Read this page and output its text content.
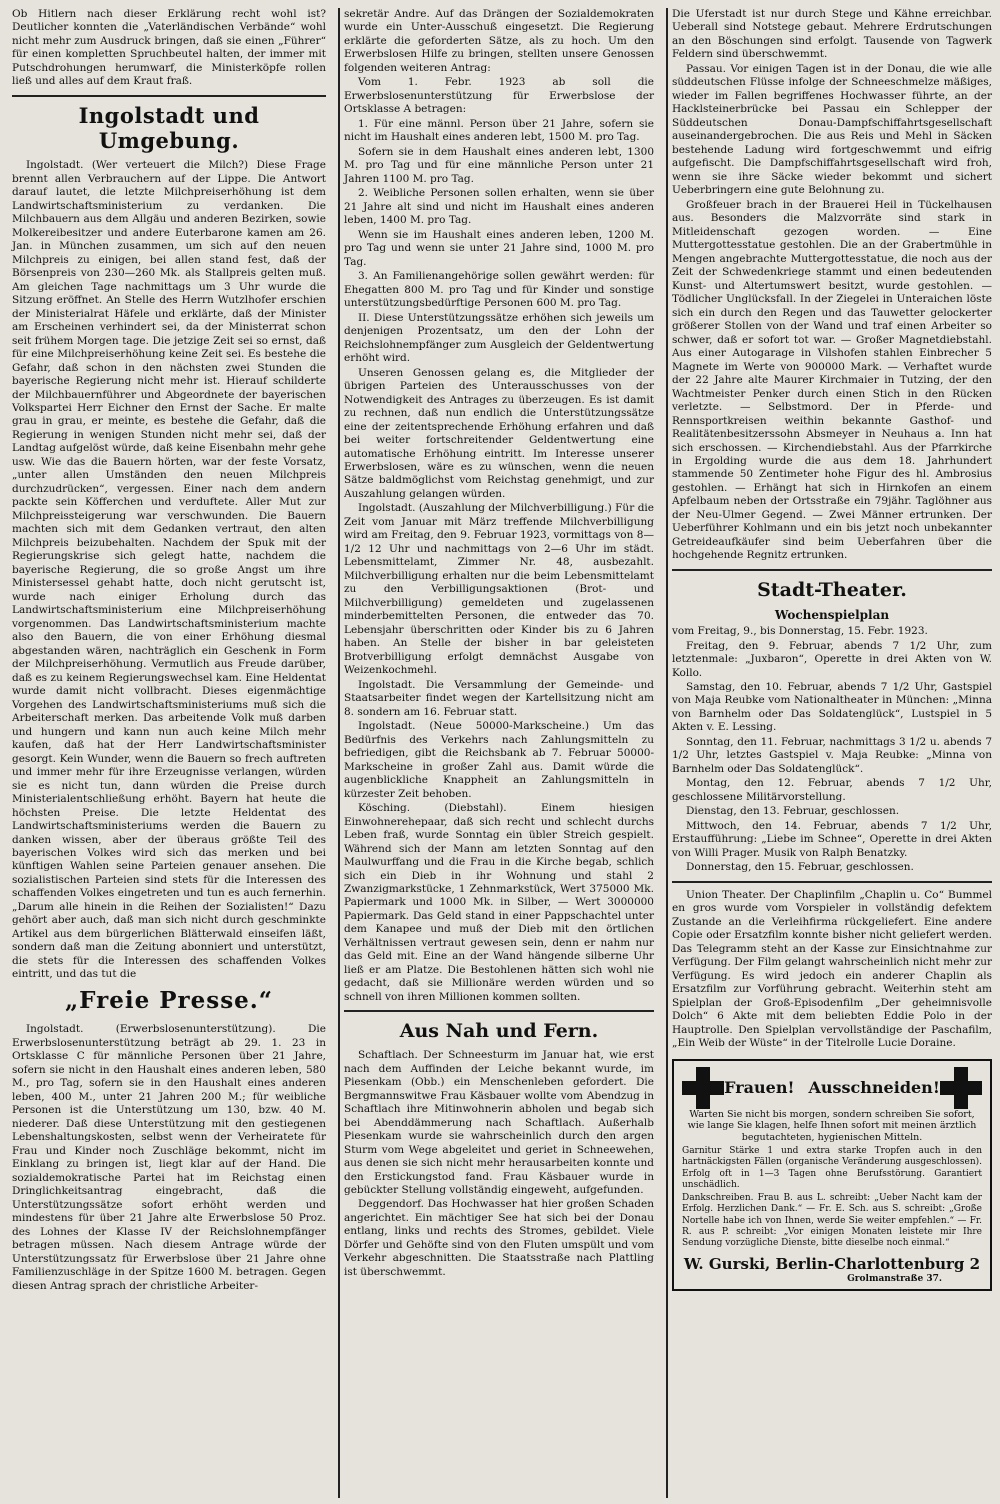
Ob Hitlern nach dieser Erklärung recht wohl ist? Deutlicher konnten die „Vaterländischen Verbände“ wohl nicht mehr zum Ausdruck bringen, daß sie einen „Führer“ für einen kompletten Spruchbeutel halten, der immer mit Putschdrohungen herumwarf, die Ministerköpfe rollen ließ und alles auf dem Kraut fraß.

Ingolstadt und Umgebung.

Ingolstadt. (Wer verteuert die Milch?) Diese Frage brennt allen Verbrauchern auf der Lippe. Die Antwort darauf lautet, die letzte Milchpreiserhöhung ist dem Landwirtschaftsministerium zu verdanken. Die Milchbauern aus dem Allgäu und anderen Bezirken, sowie Molkereibesitzer und andere Euterbarone kamen am 26. Jan. in München zusammen, um sich auf den neuen Milchpreis zu einigen, bei allen stand fest, daß der Börsenpreis von 230—260 Mk. als Stallpreis gelten muß. Am gleichen Tage nachmittags um 3 Uhr wurde die Sitzung eröffnet. An Stelle des Herrn Wutzlhofer erschien der Ministerialrat Häfele und erklärte, daß der Minister am Erscheinen verhindert sei, da der Ministerrat schon seit frühem Morgen tage. Die jetzige Zeit sei so ernst, daß für eine Milchpreiserhöhung keine Zeit sei. Es bestehe die Gefahr, daß schon in den nächsten zwei Stunden die bayerische Regierung nicht mehr ist. Hierauf schilderte der Milchbauernführer und Abgeordnete der bayerischen Volkspartei Herr Eichner den Ernst der Sache. Er malte grau in grau, er meinte, es bestehe die Gefahr, daß die Regierung in wenigen Stunden nicht mehr sei, daß der Landtag aufgelöst würde, daß keine Eisenbahn mehr gehe usw. Wie das die Bauern hörten, war der feste Vorsatz, „unter allen Umständen den neuen Milchpreis durchzudrücken“, vergessen. Einer nach dem andern packte sein Köfferchen und verduftete. Aller Mut zur Milchpreissteigerung war verschwunden. Die Bauern machten sich mit dem Gedanken vertraut, den alten Milchpreis beizubehalten. Nachdem der Spuk mit der Regierungskrise sich gelegt hatte, nachdem die bayerische Regierung, die so große Angst um ihre Ministersessel gehabt hatte, doch nicht gerutscht ist, wurde nach einiger Erholung durch das Landwirtschaftsministerium eine Milchpreiserhöhung vorgenommen. Das Landwirtschaftsministerium machte also den Bauern, die von einer Erhöhung diesmal abgestanden wären, nachträglich ein Geschenk in Form der Milchpreiserhöhung. Vermutlich aus Freude darüber, daß es zu keinem Regierungswechsel kam. Eine Heldentat wurde damit nicht vollbracht. Dieses eigenmächtige Vorgehen des Landwirtschaftsministeriums muß sich die Arbeiterschaft merken. Das arbeitende Volk muß darben und hungern und kann nun auch keine Milch mehr kaufen, daß hat der Herr Landwirtschaftsminister gesorgt. Kein Wunder, wenn die Bauern so frech auftreten und immer mehr für ihre Erzeugnisse verlangen, würden sie es nicht tun, dann würden die Preise durch Ministerialentschließung erhöht. Bayern hat heute die höchsten Preise. Die letzte Heldentat des Landwirtschaftsministeriums werden die Bauern zu danken wissen, aber der überaus größte Teil des bayerischen Volkes wird sich das merken und bei künftigen Wahlen seine Parteien genauer ansehen. Die sozialistischen Parteien sind stets für die Interessen des schaffenden Volkes eingetreten und tun es auch fernerhin. „Darum alle hinein in die Reihen der Sozialisten!“ Dazu gehört aber auch, daß man sich nicht durch geschminkte Artikel aus dem bürgerlichen Blätterwald einseifen läßt, sondern daß man die Zeitung abonniert und unterstützt, die stets für die Interessen des schaffenden Volkes eintritt, und das tut die

„Freie Presse.“

Ingolstadt. (Erwerbslosenunterstützung). Die Erwerbslosenunterstützung beträgt ab 29. 1. 23 in Ortsklasse C für männliche Personen über 21 Jahre, sofern sie nicht in den Haushalt eines anderen leben, 580 M., pro Tag, sofern sie in den Haushalt eines anderen leben, 400 M., unter 21 Jahren 200 M.; für weibliche Personen ist die Unterstützung um 130, bzw. 40 M. niederer. Daß diese Unterstützung mit den gestiegenen Lebenshaltungskosten, selbst wenn der Verheiratete für Frau und Kinder noch Zuschläge bekommt, nicht im Einklang zu bringen ist, liegt klar auf der Hand. Die sozialdemokratische Partei hat im Reichstag einen Dringlichkeitsantrag eingebracht, daß die Unterstützungssätze sofort erhöht werden und mindestens für über 21 Jahre alte Erwerbslose 50 Proz. des Lohnes der Klasse IV der Reichslohnempfänger betragen müssen. Nach diesem Antrage würde der Unterstützungssatz für Erwerbslose über 21 Jahre ohne Familienzuschläge in der Spitze 1600 M. betragen. Gegen diesen Antrag sprach der christliche Arbeiter-

sekretär Andre. Auf das Drängen der Sozialdemokraten wurde ein Unter-Ausschuß eingesetzt. Die Regierung erklärte die geforderten Sätze, als zu hoch. Um den Erwerbslosen Hilfe zu bringen, stellten unsere Genossen folgenden weiteren Antrag:

Vom 1. Febr. 1923 ab soll die Erwerbslosenunterstützung für Erwerbslose der Ortsklasse A betragen:

1. Für eine männl. Person über 21 Jahre, sofern sie nicht im Haushalt eines anderen lebt, 1500 M. pro Tag.

Sofern sie in dem Haushalt eines anderen lebt, 1300 M. pro Tag und für eine männliche Person unter 21 Jahren 1100 M. pro Tag.

2. Weibliche Personen sollen erhalten, wenn sie über 21 Jahre alt sind und nicht im Haushalt eines anderen leben, 1400 M. pro Tag.

Wenn sie im Haushalt eines anderen leben, 1200 M. pro Tag und wenn sie unter 21 Jahre sind, 1000 M. pro Tag.

3. An Familienangehörige sollen gewährt werden: für Ehegatten 800 M. pro Tag und für Kinder und sonstige unterstützungsbedürftige Personen 600 M. pro Tag.

II. Diese Unterstützungssätze erhöhen sich jeweils um denjenigen Prozentsatz, um den der Lohn der Reichslohnempfänger zum Ausgleich der Geldentwertung erhöht wird.

Unseren Genossen gelang es, die Mitglieder der übrigen Parteien des Unterausschusses von der Notwendigkeit des Antrages zu überzeugen. Es ist damit zu rechnen, daß nun endlich die Unterstützungssätze eine der zeitentsprechende Erhöhung erfahren und daß bei weiter fortschreitender Geldentwertung eine automatische Erhöhung eintritt. Im Interesse unserer Erwerbslosen, wäre es zu wünschen, wenn die neuen Sätze baldmöglichst vom Reichstag genehmigt, und zur Auszahlung gelangen würden.

Ingolstadt. (Auszahlung der Milchverbilligung.) Für die Zeit vom Januar mit März treffende Milchverbilligung wird am Freitag, den 9. Februar 1923, vormittags von 8—1/2 12 Uhr und nachmittags von 2—6 Uhr im städt. Lebensmittelamt, Zimmer Nr. 48, ausbezahlt. Milchverbilligung erhalten nur die beim Lebensmittelamt zu den Verbilligungsaktionen (Brot- und Milchverbilligung) gemeldeten und zugelassenen minderbemittelten Personen, die entweder das 70. Lebensjahr überschritten oder Kinder bis zu 6 Jahren haben. An Stelle der bisher in bar geleisteten Brotverbilligung erfolgt demnächst Ausgabe von Weizenkochmehl.

Ingolstadt. Die Versammlung der Gemeinde- und Staatsarbeiter findet wegen der Kartellsitzung nicht am 8. sondern am 16. Februar statt.

Ingolstadt. (Neue 50000-Markscheine.) Um das Bedürfnis des Verkehrs nach Zahlungsmitteln zu befriedigen, gibt die Reichsbank ab 7. Februar 50000-Markscheine in großer Zahl aus. Damit würde die augenblickliche Knappheit an Zahlungsmitteln in kürzester Zeit behoben.

Kösching. (Diebstahl). Einem hiesigen Einwohnerehepaar, daß sich recht und schlecht durchs Leben fraß, wurde Sonntag ein übler Streich gespielt. Während sich der Mann am letzten Sonntag auf den Maulwurffang und die Frau in die Kirche begab, schlich sich ein Dieb in ihr Wohnung und stahl 2 Zwanzigmarkstücke, 1 Zehnmarkstück, Wert 375000 Mk. Papiermark und 1000 Mk. in Silber, — Wert 3000000 Papiermark. Das Geld stand in einer Pappschachtel unter dem Kanapee und muß der Dieb mit den örtlichen Verhältnissen vertraut gewesen sein, denn er nahm nur das Geld mit. Eine an der Wand hängende silberne Uhr ließ er am Platze. Die Bestohlenen hätten sich wohl nie gedacht, daß sie Millionäre werden würden und so schnell von ihren Millionen kommen sollten.

Aus Nah und Fern.

Schaftlach. Der Schneesturm im Januar hat, wie erst nach dem Auffinden der Leiche bekannt wurde, im Piesenkam (Obb.) ein Menschenleben gefordert. Die Bergmannswitwe Frau Käsbauer wollte vom Abendzug in Schaftlach ihre Mitinwohnerin abholen und begab sich bei Abenddämmerung nach Schaftlach. Außerhalb Piesenkam wurde sie wahrscheinlich durch den argen Sturm vom Wege abgeleitet und geriet in Schneewehen, aus denen sie sich nicht mehr herausarbeiten konnte und den Erstickungstod fand. Frau Käsbauer wurde in gebückter Stellung vollständig eingeweht, aufgefunden.

Deggendorf. Das Hochwasser hat hier großen Schaden angerichtet. Ein mächtiger See hat sich bei der Donau entlang, links und rechts des Stromes, gebildet. Viele Dörfer und Gehöfte sind von den Fluten umspült und vom Verkehr abgeschnitten. Die Staatsstraße nach Plattling ist überschwemmt.

Die Uferstadt ist nur durch Stege und Kähne erreichbar. Ueberall sind Notstege gebaut. Mehrere Erdrutschungen an den Böschungen sind erfolgt. Tausende von Tagwerk Feldern sind überschwemmt.

Passau. Vor einigen Tagen ist in der Donau, die wie alle süddeutschen Flüsse infolge der Schneeschmelze mäßiges, wieder im Fallen begriffenes Hochwasser führte, an der Hacklsteinerbrücke bei Passau ein Schlepper der Süddeutschen Donau-Dampfschiffahrtsgesellschaft auseinandergebrochen. Die aus Reis und Mehl in Säcken bestehende Ladung wird fortgeschwemmt und eifrig aufgefischt. Die Dampfschiffahrtsgesellschaft wird froh, wenn sie ihre Säcke wieder bekommt und sichert Ueberbringern eine gute Belohnung zu.

Großfeuer brach in der Brauerei Heil in Tückelhausen aus. Besonders die Malzvorräte sind stark in Mitleidenschaft gezogen worden. — Eine Muttergottesstatue gestohlen. Die an der Grabertmühle in Mengen angebrachte Muttergottesstatue, die noch aus der Zeit der Schwedenkriege stammt und einen bedeutenden Kunst- und Altertumswert besitzt, wurde gestohlen. — Tödlicher Unglücksfall. In der Ziegelei in Unteraichen löste sich ein durch den Regen und das Tauwetter gelockerter größerer Stollen von der Wand und traf einen Arbeiter so schwer, daß er sofort tot war. — Großer Magnetdiebstahl. Aus einer Autogarage in Vilshofen stahlen Einbrecher 5 Magnete im Werte von 900000 Mark. — Verhaftet wurde der 22 Jahre alte Maurer Kirchmaier in Tutzing, der den Wachtmeister Penker durch einen Stich in den Rücken verletzte. — Selbstmord. Der in Pferde- und Rennsportkreisen weithin bekannte Gasthof- und Realitätenbesitzerssohn Absmeyer in Neuhaus a. Inn hat sich erschossen. — Kirchendiebstahl. Aus der Pfarrkirche in Ergolding wurde die aus dem 18. Jahrhundert stammende 50 Zentimeter hohe Figur des hl. Ambrosius gestohlen. — Erhängt hat sich in Hirnkofen an einem Apfelbaum neben der Ortsstraße ein 79jähr. Taglöhner aus der Neu-Ulmer Gegend. — Zwei Männer ertrunken. Der Ueberführer Kohlmann und ein bis jetzt noch unbekannter Getreideaufkäufer sind beim Ueberfahren über die hochgehende Regnitz ertrunken.

Stadt-Theater.
Wochenspielplan

vom Freitag, 9., bis Donnerstag, 15. Febr. 1923.

Freitag, den 9. Februar, abends 7 1/2 Uhr, zum letztenmale: „Juxbaron“, Operette in drei Akten von W. Kollo.

Samstag, den 10. Februar, abends 7 1/2 Uhr, Gastspiel von Maja Reubke vom Nationaltheater in München: „Minna von Barnhelm oder Das Soldatenglück“, Lustspiel in 5 Akten v. E. Lessing.

Sonntag, den 11. Februar, nachmittags 3 1/2 u. abends 7 1/2 Uhr, letztes Gastspiel v. Maja Reubke: „Minna von Barnhelm oder Das Soldatenglück“.

Montag, den 12. Februar, abends 7 1/2 Uhr, geschlossene Militärvorstellung.

Dienstag, den 13. Februar, geschlossen.

Mittwoch, den 14. Februar, abends 7 1/2 Uhr, Erstaufführung: „Liebe im Schnee“, Operette in drei Akten von Willi Prager. Musik von Ralph Benatzky.

Donnerstag, den 15. Februar, geschlossen.

Union Theater. Der Chaplinfilm „Chaplin u. Co“ Bummel en gros wurde vom Vorspieler in vollständig defektem Zustande an die Verleihfirma rückgeliefert. Eine andere Copie oder Ersatzfilm konnte bisher nicht geliefert werden. Das Telegramm steht an der Kasse zur Einsichtnahme zur Verfügung. Der Film gelangt wahrscheinlich nicht mehr zur Verfügung. Es wird jedoch ein anderer Chaplin als Ersatzfilm zur Vorführung gebracht. Weiterhin steht am Spielplan der Groß-Episodenfilm „Der geheimnisvolle Dolch“ 6 Akte mit dem beliebten Eddie Polo in der Hauptrolle. Den Spielplan vervollständige der Paschafilm, „Ein Weib der Wüste“ in der Titelrolle Lucie Doraine.

Frauen! Ausschneiden!
Warten Sie nicht bis morgen, sondern schreiben Sie sofort, wie lange Sie klagen, helfe Ihnen sofort mit meinen ärztlich begutachteten, hygienischen Mitteln.
Garnitur Stärke 1 und extra starke Tropfen auch in den hartnäckigsten Fällen (organische Veränderung ausgeschlossen). Erfolg oft in 1—3 Tagen ohne Berufsstörung. Garantiert unschädlich.
Dankschreiben. Frau B. aus L. schreibt: „Ueber Nacht kam der Erfolg. Herzlichen Dank.“ — Fr. E. Sch. aus S. schreibt: „Große Nortelle habe ich von Ihnen, werde Sie weiter empfehlen.“ — Fr. R. aus P. schreibt: „Vor einigen Monaten leistete mir Ihre Sendung vorzügliche Dienste, bitte dieselbe noch einmal.“
W. Gurski, Berlin-Charlottenburg 2
Grolmanstraße 37.
